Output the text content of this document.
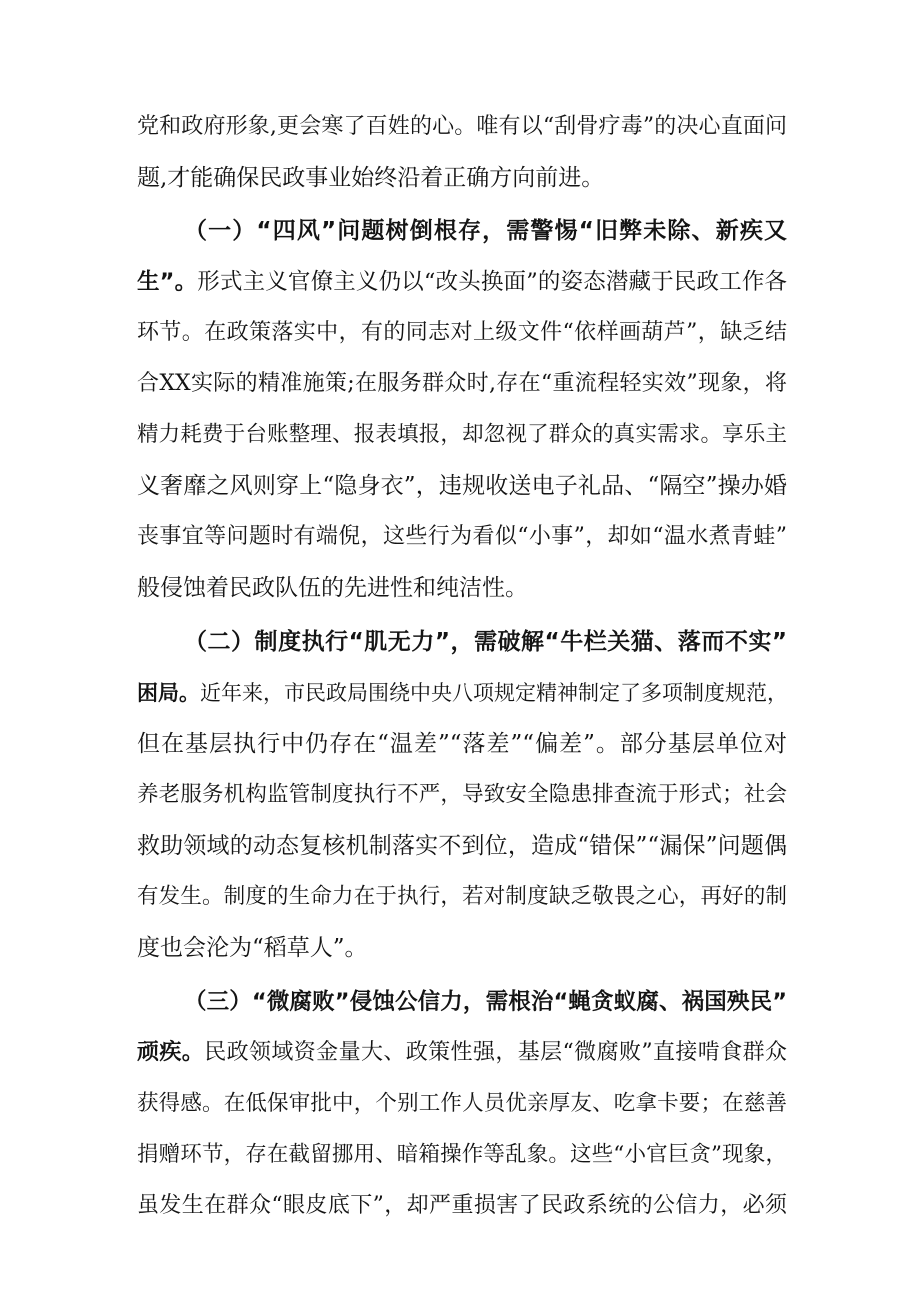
党和政府形象,更会寒了百姓的心。唯有以“刮骨疗毒”的决心直面问
题,才能确保民政事业始终沿着正确方向前进。
（一）“四风”问题树倒根存，需警惕“旧弊未除、新疾又
生”。形式主义官僚主义仍以“改头换面”的姿态潜藏于民政工作各
环节。在政策落实中，有的同志对上级文件“依样画葫芦”，缺乏结
合XX实际的精准施策;在服务群众时,存在“重流程轻实效”现象，将
精力耗费于台账整理、报表填报，却忽视了群众的真实需求。享乐主
义奢靡之风则穿上“隐身衣”，违规收送电子礼品、“隔空”操办婚
丧事宜等问题时有端倪，这些行为看似“小事”，却如“温水煮青蛙”
般侵蚀着民政队伍的先进性和纯洁性。
（二）制度执行“肌无力”，需破解“牛栏关猫、落而不实”
困局。近年来，市民政局围绕中央八项规定精神制定了多项制度规范，
但在基层执行中仍存在“温差”“落差”“偏差”。部分基层单位对
养老服务机构监管制度执行不严，导致安全隐患排查流于形式；社会
救助领域的动态复核机制落实不到位，造成“错保”“漏保”问题偶
有发生。制度的生命力在于执行，若对制度缺乏敬畏之心，再好的制
度也会沦为“稻草人”。
（三）“微腐败”侵蚀公信力，需根治“蝇贪蚁腐、祸国殃民”
顽疾。民政领域资金量大、政策性强，基层“微腐败”直接啃食群众
获得感。在低保审批中，个别工作人员优亲厚友、吃拿卡要；在慈善
捐赠环节，存在截留挪用、暗箱操作等乱象。这些“小官巨贪”现象，
虽发生在群众“眼皮底下”，却严重损害了民政系统的公信力，必须
